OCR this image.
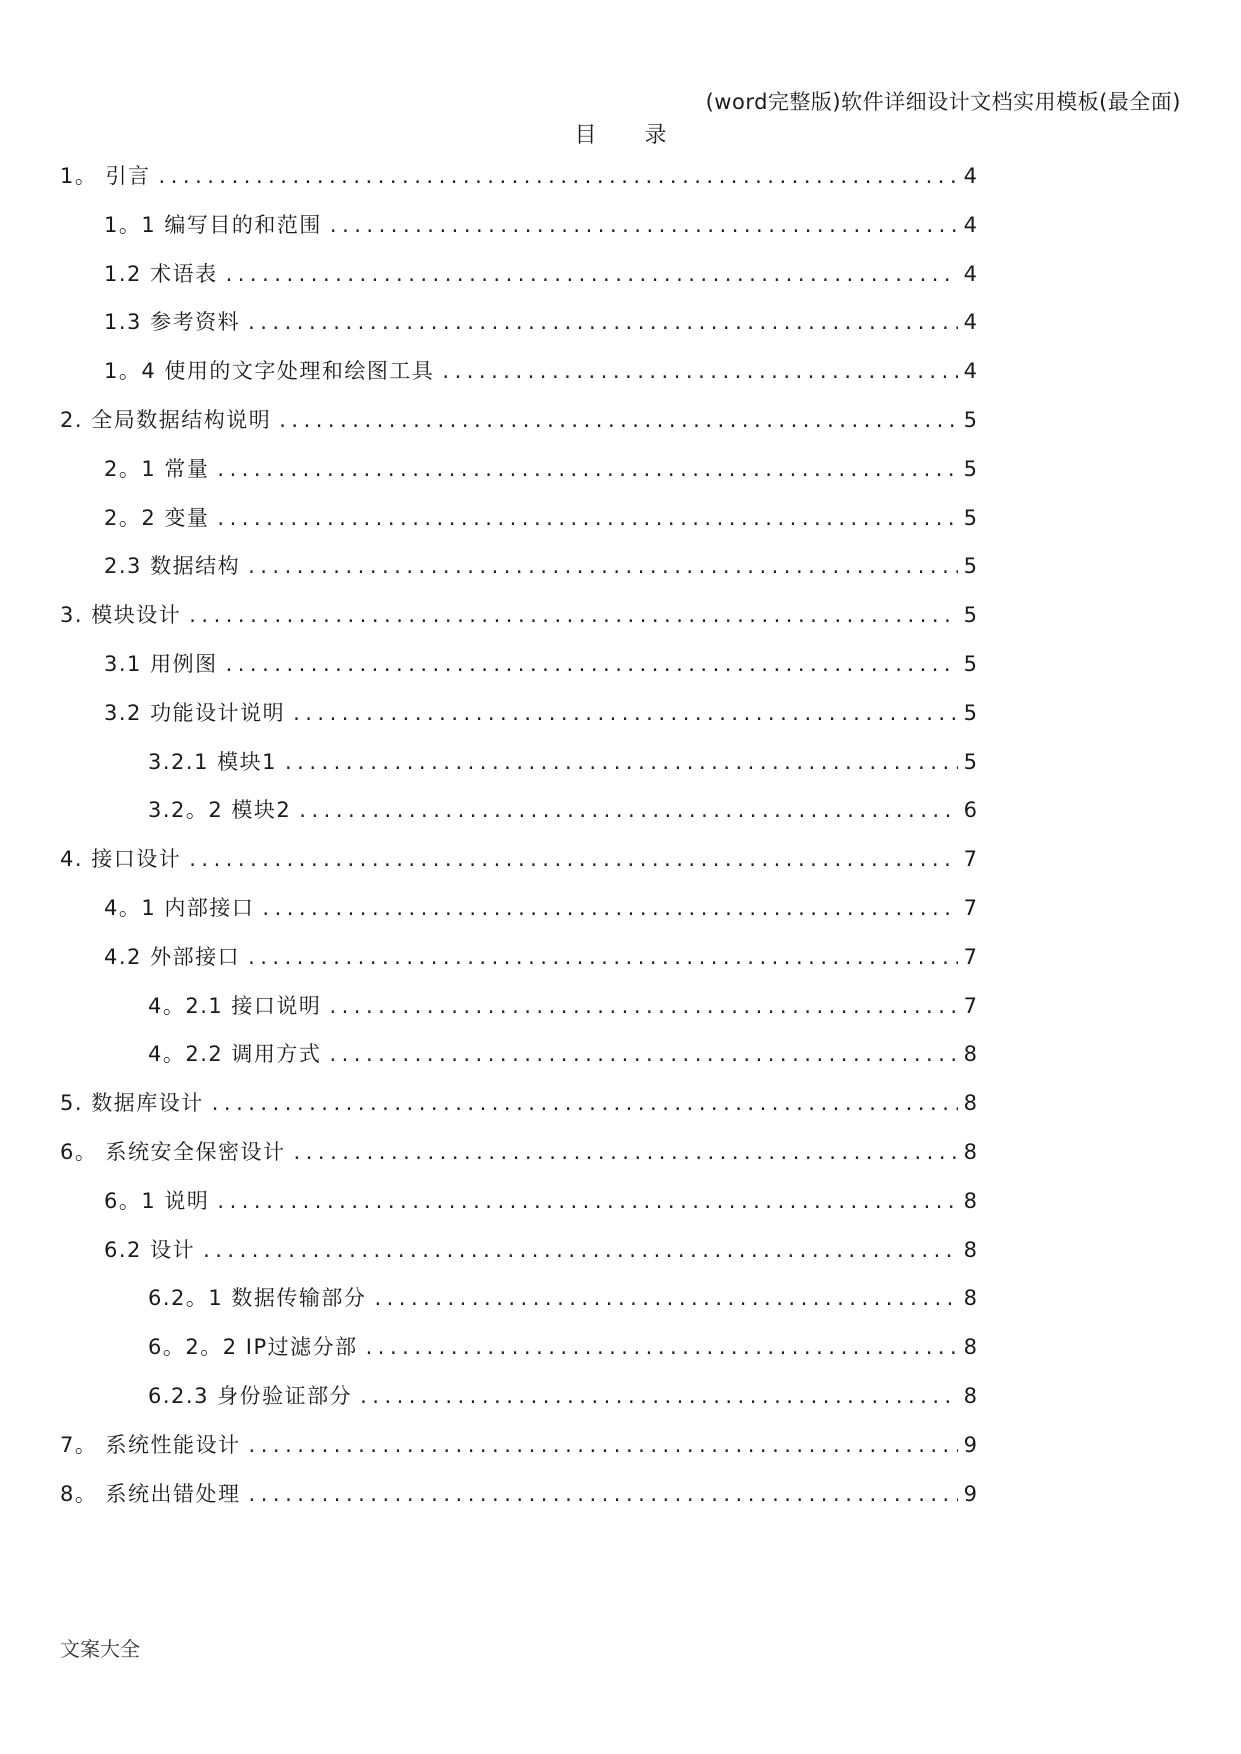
(word完整版)软件详细设计文档实用模板(最全面)
目录
1。 引言 .....	4
1。1 编写目的和范围 .....	4
1.2 术语表 .....	4
1.3 参考资料 .....	4
1。4 使用的文字处理和绘图工具 .....	4
2. 全局数据结构说明 .....	5
2。1 常量 .....	5
2。2 变量 .....	5
2.3 数据结构 .....	5
3. 模块设计 .....	5
3.1 用例图 .....	5
3.2 功能设计说明 .....	5
3.2.1 模块1 .....	5
3.2。2 模块2 .....	6
4. 接口设计 .....	7
4。1 内部接口 .....	7
4.2 外部接口 .....	7
4。2.1 接口说明 .....	7
4。2.2 调用方式 .....	8
5. 数据库设计 .....	8
6。 系统安全保密设计 .....	8
6。1 说明 .....	8
6.2 设计 .....	8
6.2。1 数据传输部分 .....	8
6。2。2 IP过滤分部 .....	8
6.2.3 身份验证部分 .....	8
7。 系统性能设计 .....	9
8。 系统出错处理 .....	9
文案大全
